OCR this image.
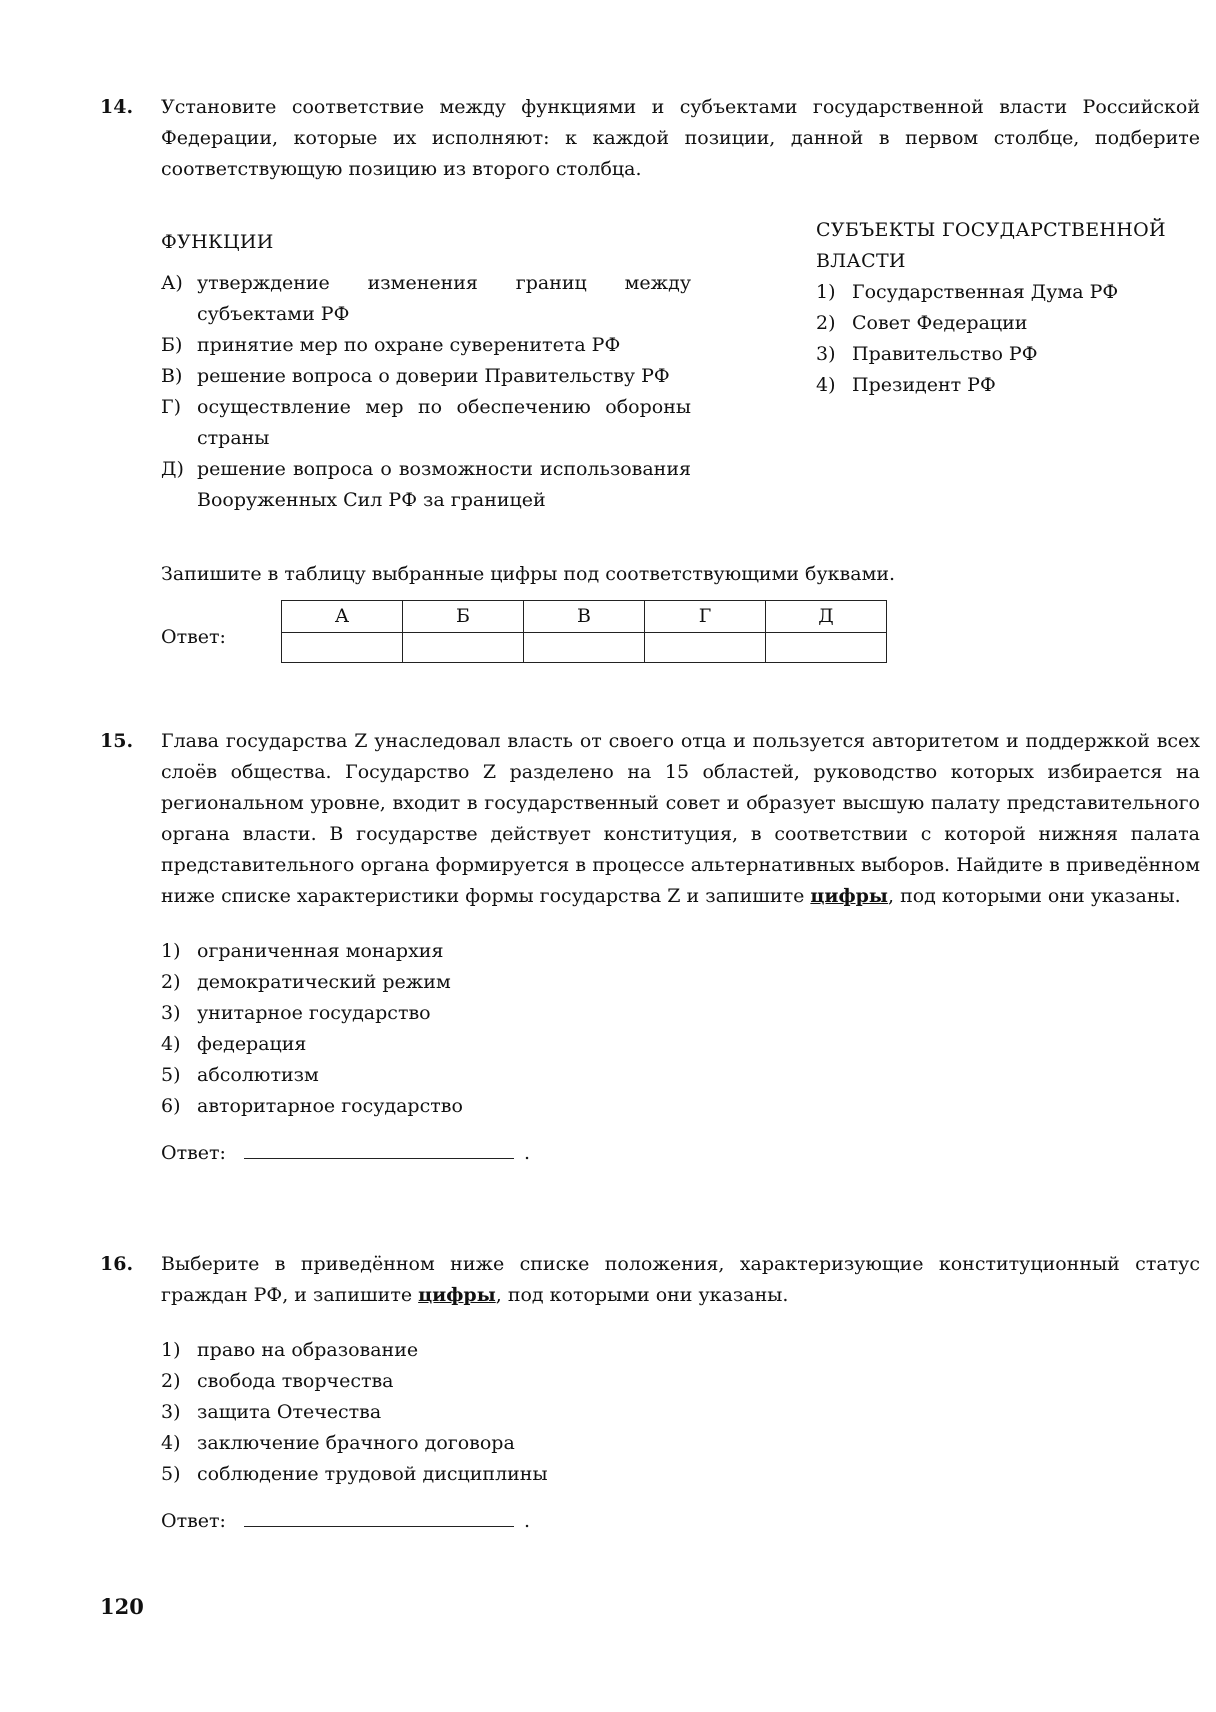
14. Установите соответствие между функциями и субъектами государственной власти Российской Федерации, которые их исполняют: к каждой позиции, данной в первом столбце, подберите соответствующую позицию из второго столбца.

ФУНКЦИИ
А) утверждение изменения границ между субъектами РФ
Б) принятие мер по охране суверенитета РФ
В) решение вопроса о доверии Правительству РФ
Г) осуществление мер по обеспечению обороны страны
Д) решение вопроса о возможности использования Вооруженных Сил РФ за границей
СУБЪЕКТЫ ГОСУДАРСТВЕННОЙ ВЛАСТИ
1) Государственная Дума РФ
2) Совет Федерации
3) Правительство РФ
4) Президент РФ
Запишите в таблицу выбранные цифры под соответствующими буквами.
Ответ:
А	Б	В	Г	Д

15. Глава государства Z унаследовал власть от своего отца и пользуется авторитетом и поддержкой всех слоёв общества. Государство Z разделено на 15 областей, руководство которых избирается на региональном уровне, входит в государственный совет и образует высшую палату представительного органа власти. В государстве действует конституция, в соответствии с которой нижняя палата представительного органа формируется в процессе альтернативных выборов. Найдите в приведённом ниже списке характеристики формы государства Z и запишите цифры, под которыми они указаны.

1) ограниченная монархия
2) демократический режим
3) унитарное государство
4) федерация
5) абсолютизм
6) авторитарное государство
Ответ:	.
16. Выберите в приведённом ниже списке положения, характеризующие конституционный статус граждан РФ, и запишите цифры, под которыми они указаны.

1) право на образование
2) свобода творчества
3) защита Отечества
4) заключение брачного договора
5) соблюдение трудовой дисциплины
Ответ:	.
120
